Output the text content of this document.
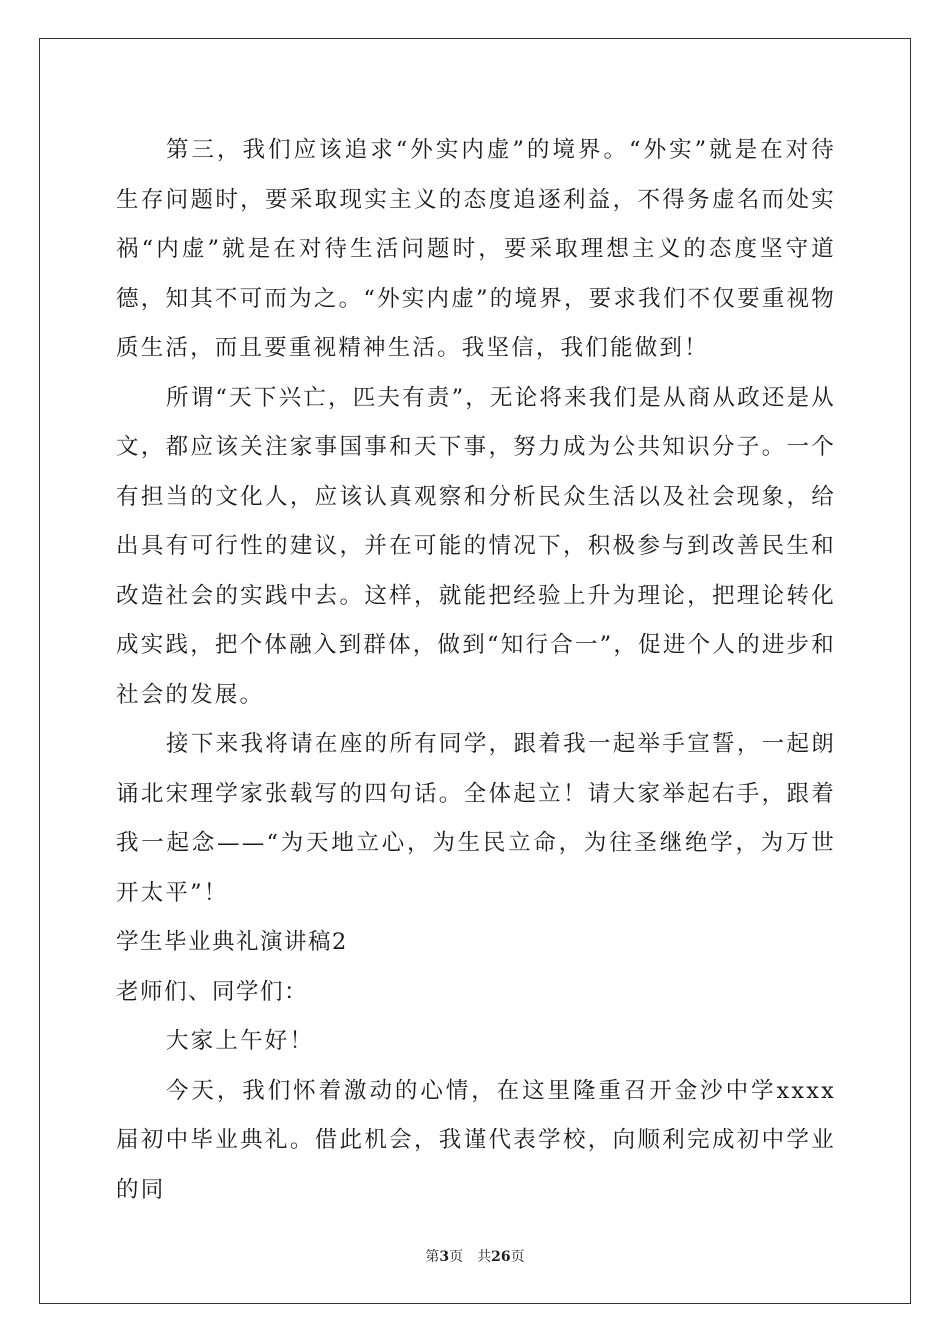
第三，我们应该追求“外实内虚”的境界。“外实”就是在对待生存问题时，要采取现实主义的态度追逐利益，不得务虚名而处实祸“内虚”就是在对待生活问题时，要采取理想主义的态度坚守道德，知其不可而为之。“外实内虚”的境界，要求我们不仅要重视物质生活，而且要重视精神生活。我坚信，我们能做到！

所谓“天下兴亡，匹夫有责”，无论将来我们是从商从政还是从文，都应该关注家事国事和天下事，努力成为公共知识分子。一个有担当的文化人，应该认真观察和分析民众生活以及社会现象，给出具有可行性的建议，并在可能的情况下，积极参与到改善民生和改造社会的实践中去。这样，就能把经验上升为理论，把理论转化成实践，把个体融入到群体，做到“知行合一”，促进个人的进步和社会的发展。

接下来我将请在座的所有同学，跟着我一起举手宣誓，一起朗诵北宋理学家张载写的四句话。全体起立！请大家举起右手，跟着我一起念——“为天地立心，为生民立命，为往圣继绝学，为万世开太平”！

学生毕业典礼演讲稿2

老师们、同学们：

大家上午好！

今天，我们怀着激动的心情，在这里隆重召开金沙中学xxxx届初中毕业典礼。借此机会，我谨代表学校，向顺利完成初中学业的同

第3页　共26页
